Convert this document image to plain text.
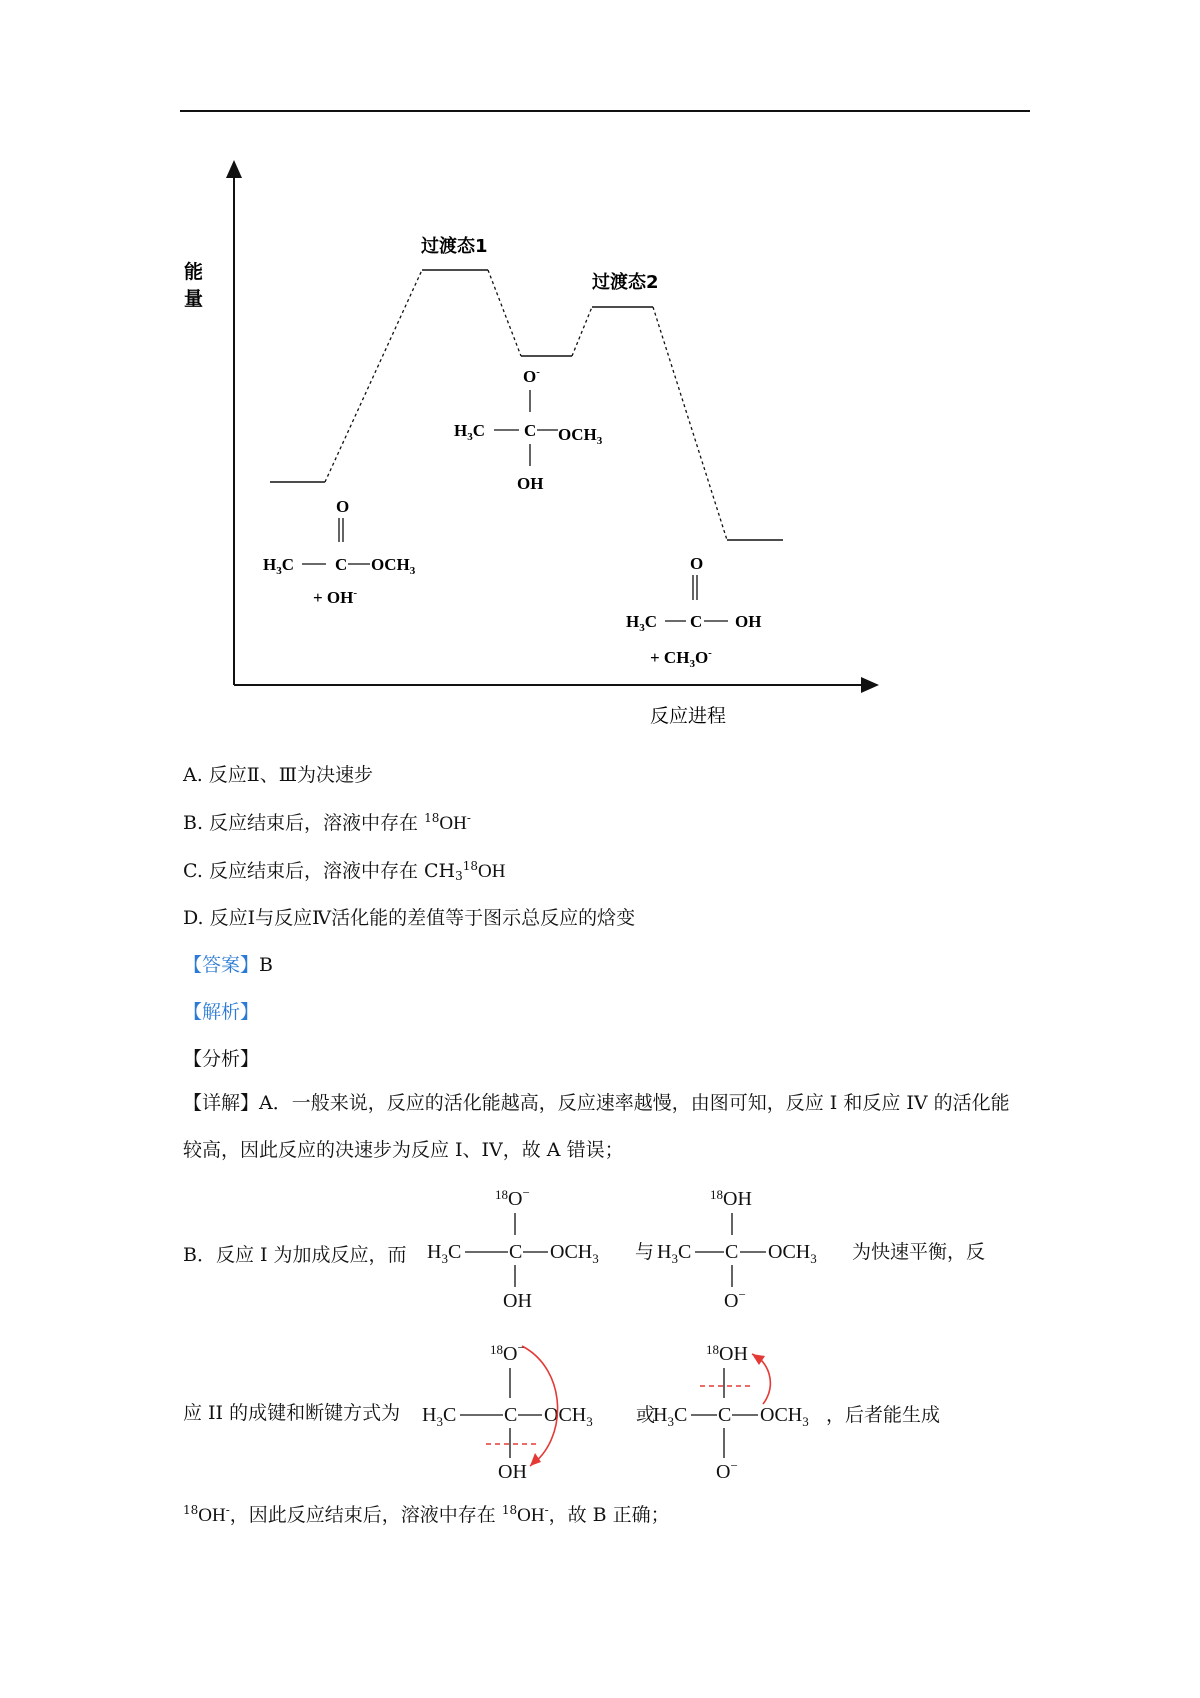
能
量
反应进程
过渡态1
过渡态2
O
$H_3C$ C $OCH_3$
+ OH-
O-
$H_3C$ C $OCH_3$
OH
O
$H_3C$ C OH
+ $CH_3O^-$
A. 反应Ⅱ、Ⅲ为决速步
B. 反应结束后，溶液中存在 $^{18}$OH-
C. 反应结束后，溶液中存在 $CH_3^{18}OH$
D. 反应Ⅰ与反应Ⅳ活化能的差值等于图示总反应的焓变
【答案】B
【解析】
【分析】
【详解】A．一般来说，反应的活化能越高，反应速率越慢，由图可知，反应 I 和反应 IV 的活化能较高，因此反应的决速步为反应 I、IV，故 A 错误；
B．反应 I 为加成反应，而
$^{18}$O−
$H_3C$ C $OCH_3$
OH
与
$^{18}$OH
$H_3C$ C $OCH_3$
O−
为快速平衡，反
应 II 的成键和断键方式为
$^{18}$O−
$H_3C$ C $OCH_3$
OH
或
$^{18}$OH
$H_3C$ C $OCH_3$
O−
，后者能生成
$^{18}$OH-，因此反应结束后，溶液中存在 $^{18}$OH-，故 B 正确；
